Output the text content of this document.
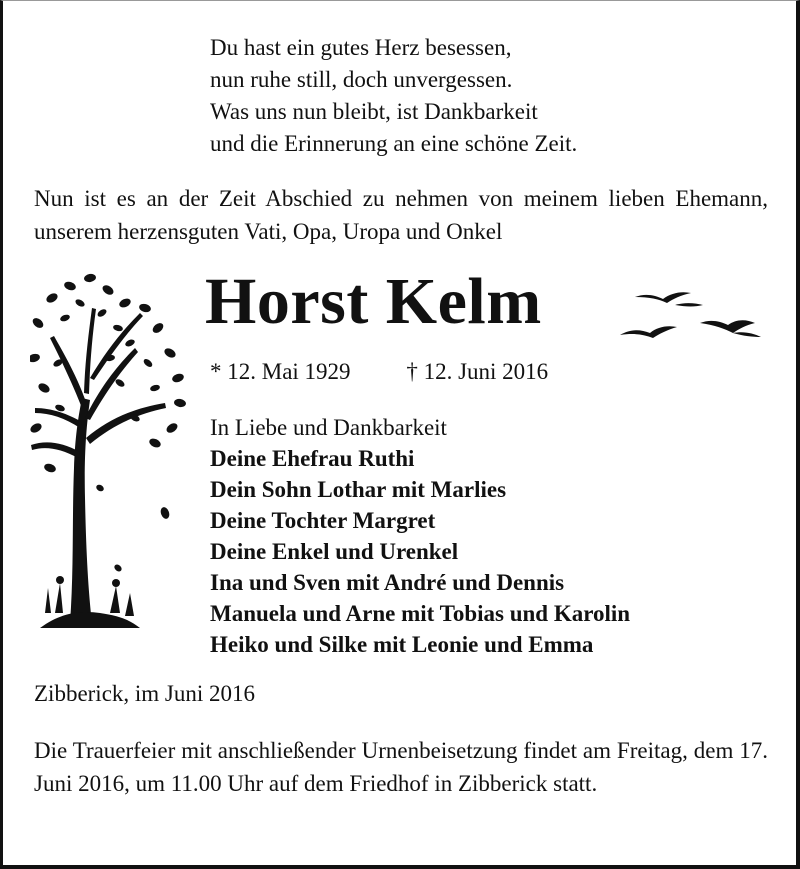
Du hast ein gutes Herz besessen,
nun ruhe still, doch unvergessen.
Was uns nun bleibt, ist Dankbarkeit
und die Erinnerung an eine schöne Zeit.
Nun ist es an der Zeit Abschied zu nehmen von meinem lieben Ehemann, unserem herzensguten Vati, Opa, Uropa und Onkel
Horst Kelm
* 12. Mai 1929 † 12. Juni 2016
In Liebe und Dankbarkeit
Deine Ehefrau Ruthi
Dein Sohn Lothar mit Marlies
Deine Tochter Margret
Deine Enkel und Urenkel
Ina und Sven mit André und Dennis
Manuela und Arne mit Tobias und Karolin
Heiko und Silke mit Leonie und Emma
Zibberick, im Juni 2016
Die Trauerfeier mit anschließender Urnenbeisetzung findet am Freitag, dem 17. Juni 2016, um 11.00 Uhr auf dem Friedhof in Zibberick statt.
